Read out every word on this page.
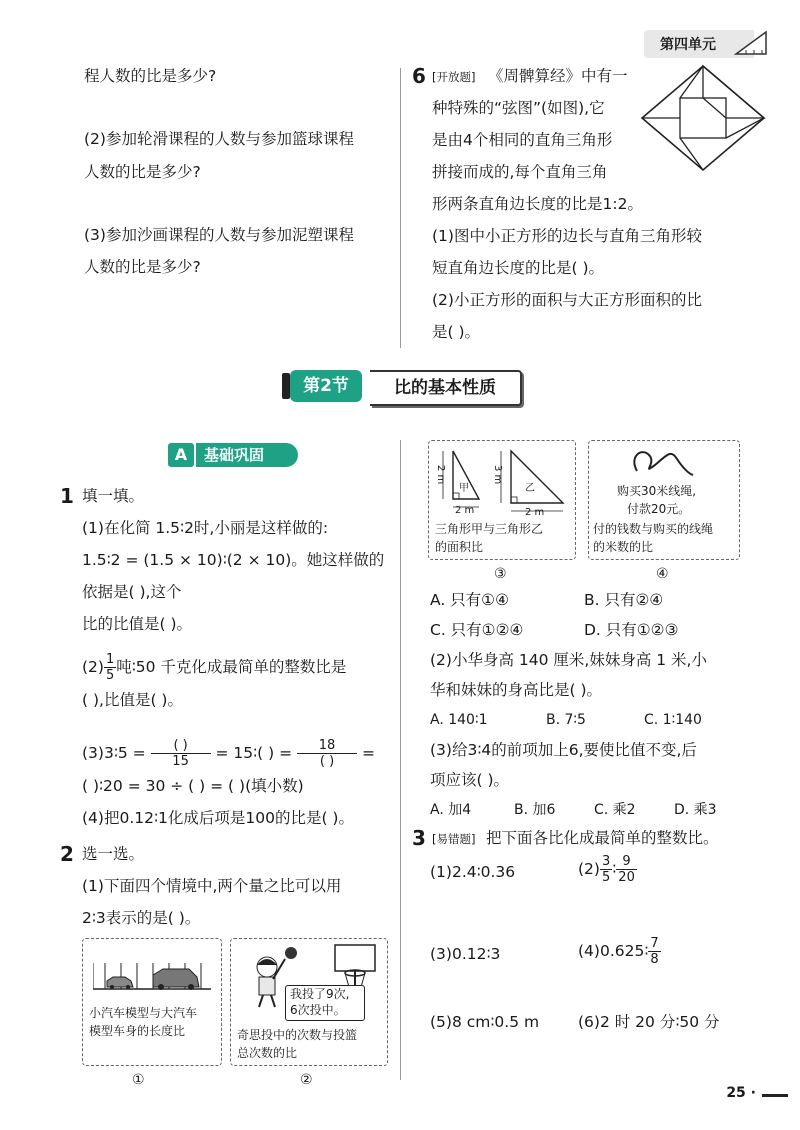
第四单元
程人数的比是多少?
(2)参加轮滑课程的人数与参加篮球课程
人数的比是多少?
(3)参加沙画课程的人数与参加泥塑课程
人数的比是多少?
6 [开放题] 《周髀算经》中有一
种特殊的“弦图”(如图),它
是由4个相同的直角三角形
拼接而成的,每个直角三角
形两条直角边长度的比是1:2。
(1)图中小正方形的边长与直角三角形较
短直角边长度的比是( )。
(2)小正方形的面积与大正方形面积的比
是( )。
第2节	比的基本性质
A	基础巩固
1 填一填。
(1)在化简 1.5∶2时,小丽是这样做的:
1.5∶2 = (1.5 × 10)∶(2 × 10)。她这样做的
依据是( ),这个
比的比值是( )。
$(2) \frac{1}{5}$ 吨∶50 千克化成最简单的整数比是
( ),比值是( )。
(3)3∶5 = $\frac{( )}{15}$ = 15∶( ) = $\frac{18}{( )}$ =
( )∶20 = 30 ÷ ( ) = ( )(填小数)
(4)把0.12∶1化成后项是100的比是( )。
2 选一选。
(1)下面四个情境中,两个量之比可以用
2∶3表示的是( )。
小汽车模型与大汽车
模型车身的长度比
①
我投了9次,
6次投中。
奇思投中的次数与投篮
总次数的比
②
2 m
甲
2 m
3 m
乙
2 m
三角形甲与三角形乙
的面积比
③
购买30米线绳,
付款20元。
付的钱数与购买的线绳
的米数的比
④
A. 只有①④	B. 只有②④
C. 只有①②④	D. 只有①②③
(2)小华身高 140 厘米,妹妹身高 1 米,小
华和妹妹的身高比是( )。
A. 140∶1	B. 7∶5	C. 1∶140
(3)给3∶4的前项加上6,要使比值不变,后
项应该( )。
A. 加4	B. 加6	C. 乘2	D. 乘3
3 [易错题] 把下面各比化成最简单的整数比。
(1)2.4∶0.36	$(2) \frac{3}{5}$ ∶ $\frac{9}{20}$
(3)0.12∶3	(4)0.625∶ $\frac{7}{8}$
(5)8 cm∶0.5 m	(6)2 时 20 分∶50 分
25 ·
